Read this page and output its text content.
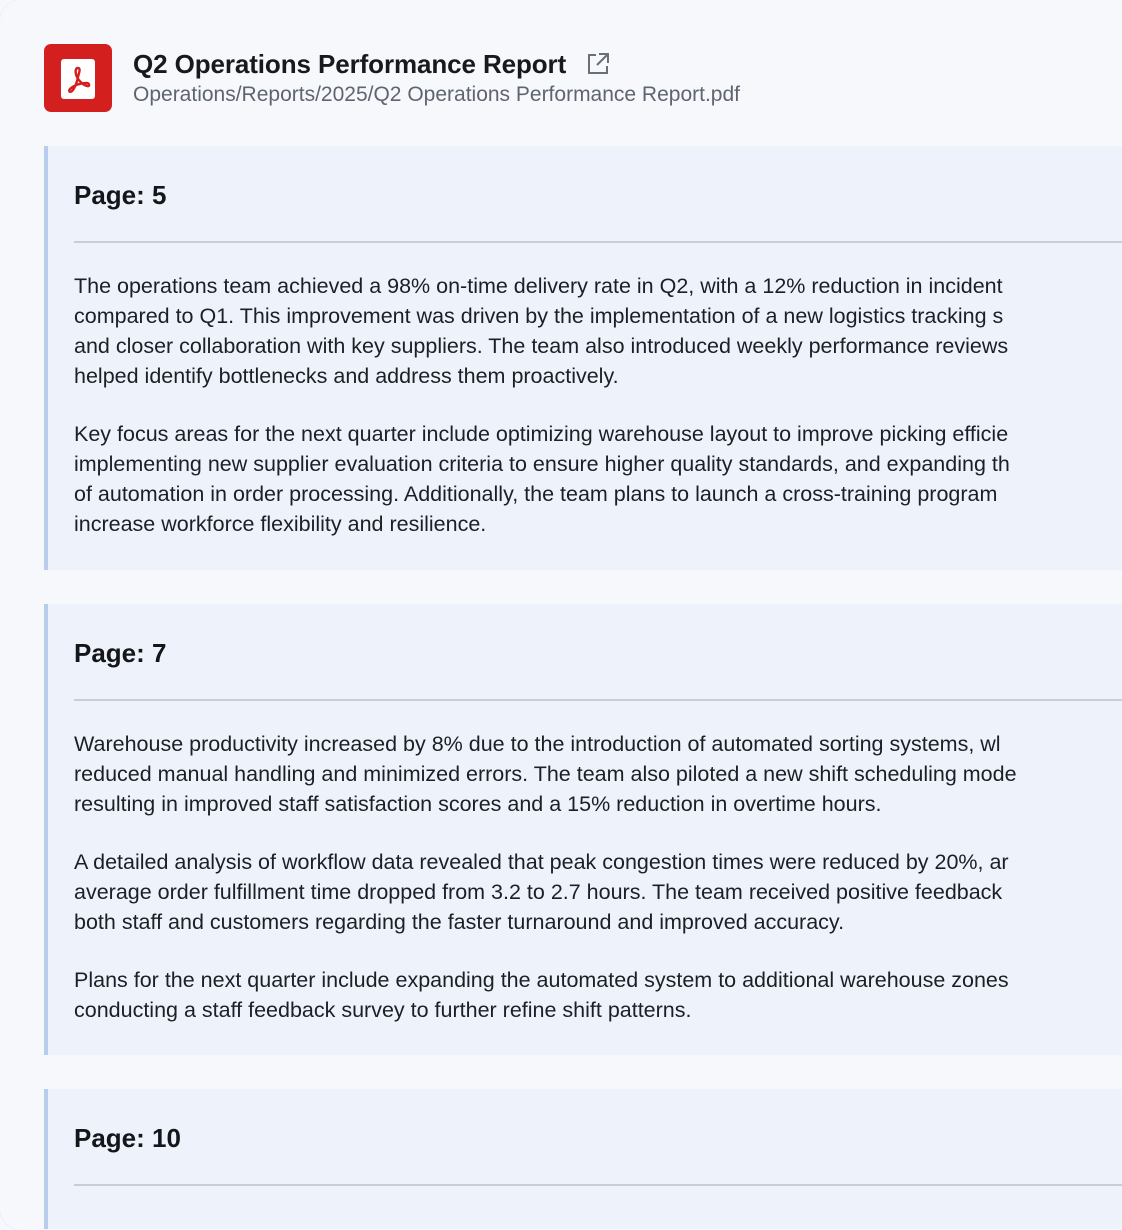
Q2 Operations Performance Report
Operations/Reports/2025/Q2 Operations Performance Report.pdf
Page: 5

The operations team achieved a 98% on-time delivery rate in Q2, with a 12% reduction in incident
compared to Q1. This improvement was driven by the implementation of a new logistics tracking s
and closer collaboration with key suppliers. The team also introduced weekly performance reviews
helped identify bottlenecks and address them proactively.

Key focus areas for the next quarter include optimizing warehouse layout to improve picking efficie
implementing new supplier evaluation criteria to ensure higher quality standards, and expanding th
of automation in order processing. Additionally, the team plans to launch a cross-training program
increase workforce flexibility and resilience.

Page: 7

Warehouse productivity increased by 8% due to the introduction of automated sorting systems, wl
reduced manual handling and minimized errors. The team also piloted a new shift scheduling mode
resulting in improved staff satisfaction scores and a 15% reduction in overtime hours.

A detailed analysis of workflow data revealed that peak congestion times were reduced by 20%, ar
average order fulfillment time dropped from 3.2 to 2.7 hours. The team received positive feedback
both staff and customers regarding the faster turnaround and improved accuracy.

Plans for the next quarter include expanding the automated system to additional warehouse zones
conducting a staff feedback survey to further refine shift patterns.

Page: 10
